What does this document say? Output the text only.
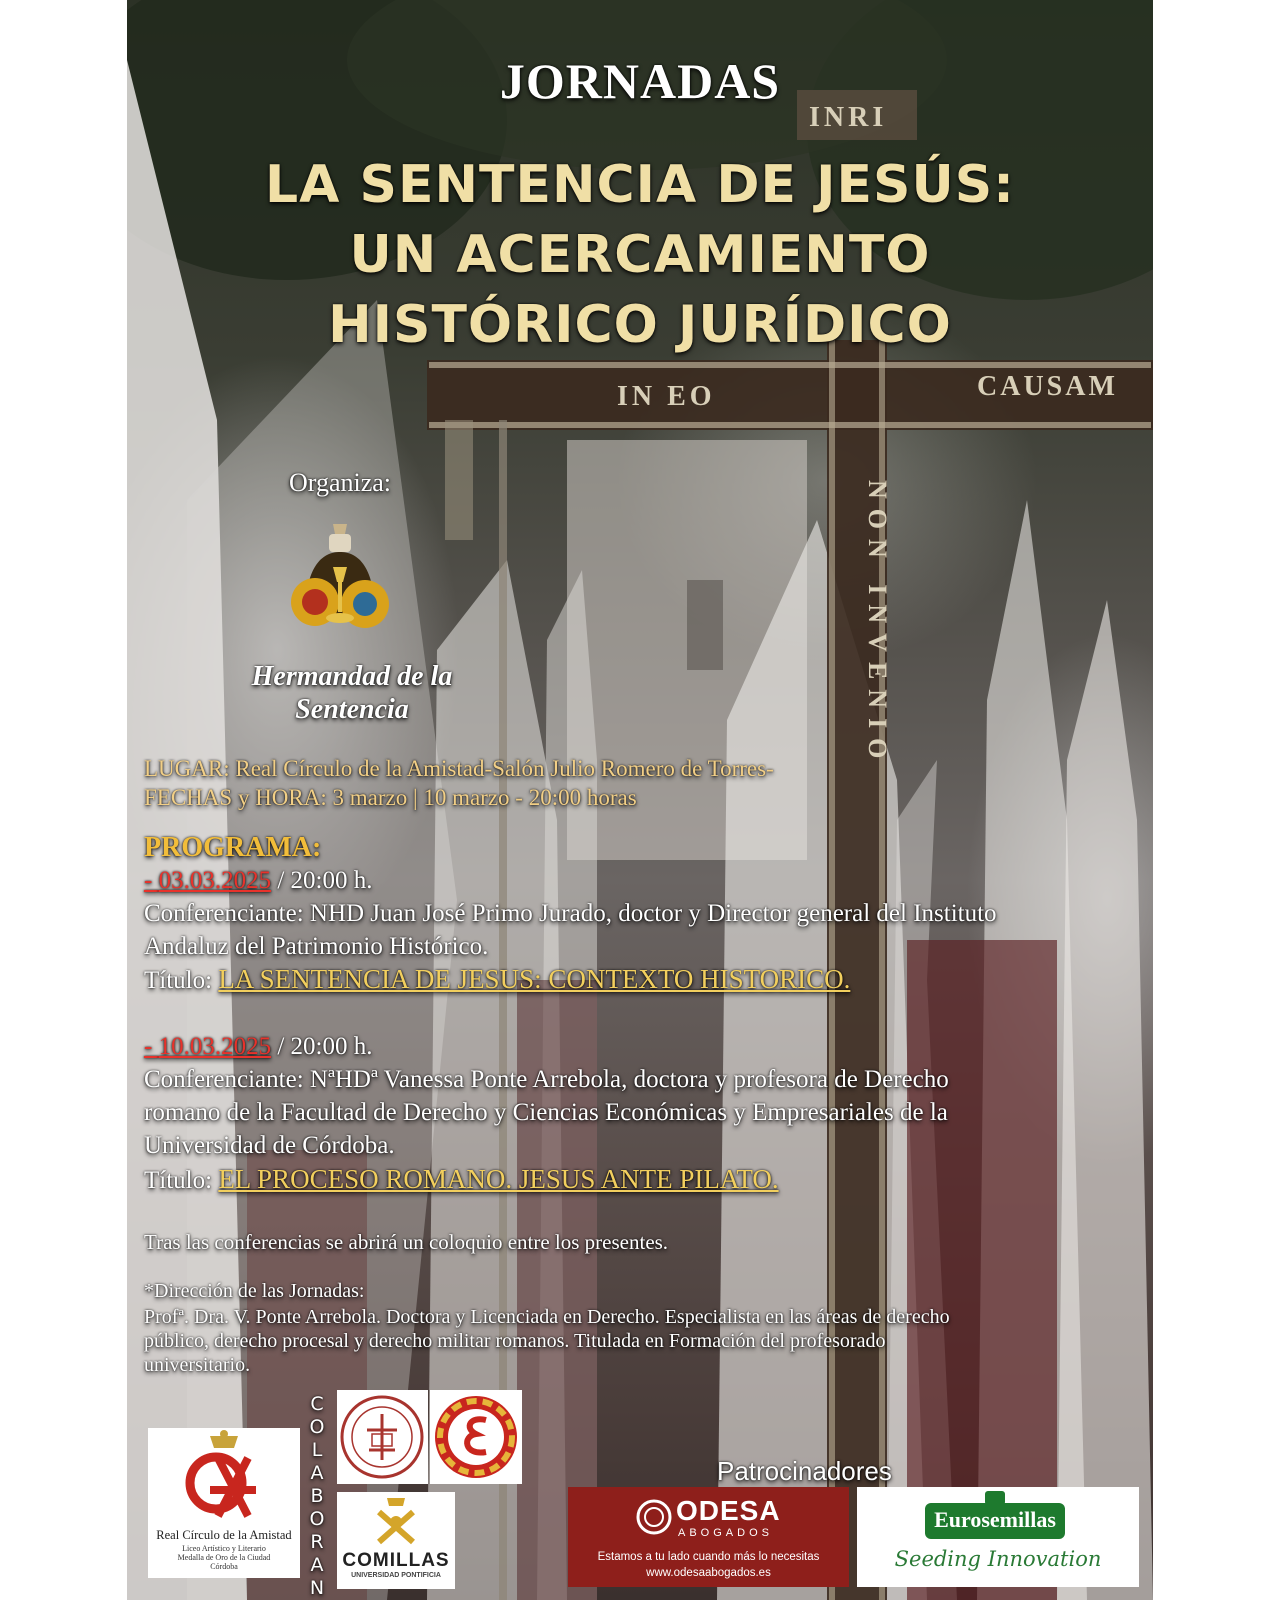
IN EO	CAUSAM
INRI
NON INVENIO
JORNADAS
LA SENTENCIA DE JESÚS:
UN ACERCAMIENTO
HISTÓRICO JURÍDICO
Organiza:
Hermandad de la
Sentencia
LUGAR: Real Círculo de la Amistad-Salón Julio Romero de Torres-
FECHAS y HORA: 3 marzo | 10 marzo - 20:00 horas
PROGRAMA:
- 03.03.2025 / 20:00 h.
Conferenciante: NHD Juan José Primo Jurado, doctor y Director general del Instituto
Andaluz del Patrimonio Histórico.
Título: LA SENTENCIA DE JESUS: CONTEXTO HISTORICO.
- 10.03.2025 / 20:00 h.
Conferenciante: NªHDª Vanessa Ponte Arrebola, doctora y profesora de Derecho
romano de la Facultad de Derecho y Ciencias Económicas y Empresariales de la
Universidad de Córdoba.
Título: EL PROCESO ROMANO. JESUS ANTE PILATO.
Tras las conferencias se abrirá un coloquio entre los presentes.
*Dirección de las Jornadas:
Profª. Dra. V. Ponte Arrebola. Doctora y Licenciada en Derecho. Especialista en las áreas de derecho
público, derecho procesal y derecho militar romanos. Titulada en Formación del profesorado
universitario.
Real Círculo de la Amistad
Liceo Artístico y Literario
Medalla de Oro de la Ciudad
Córdoba
C
O
L
A
B
O
R
A
N
COMILLAS
UNIVERSIDAD PONTIFICIA
Patrocinadores
ODESA
ABOGADOS
Estamos a tu lado cuando más lo necesitas
www.odesaabogados.es
Eurosemillas
Seeding Innovation
